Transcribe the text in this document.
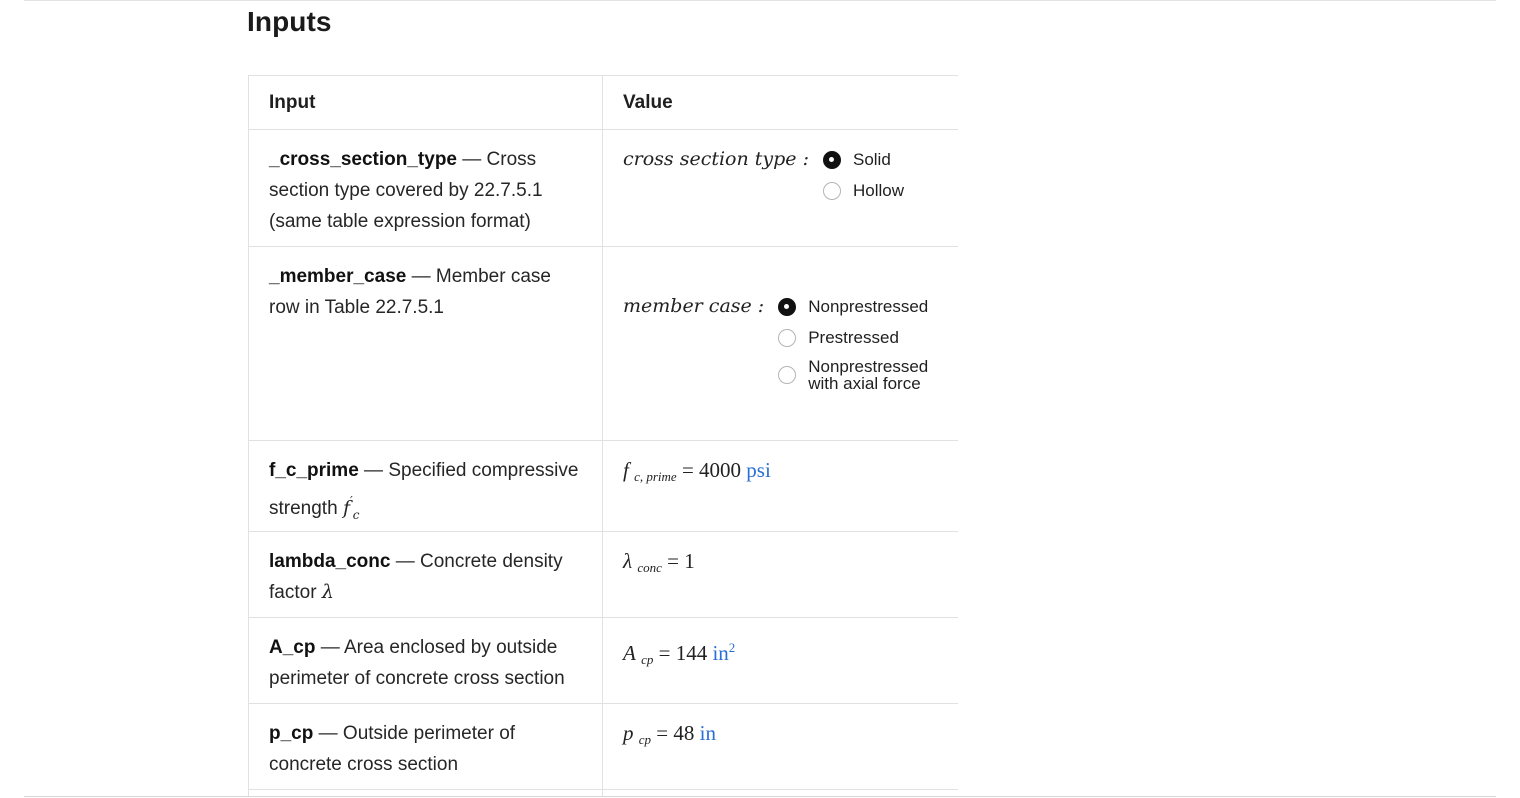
Inputs
Input	Value
_cross_section_type — Cross section type covered by 22.7.5.1 (same table expression format)	cross section type : Solid
Hollow

_member_case — Member case row in Table 22.7.5.1	member case : Nonprestressed
Prestressed
Nonprestressed with axial force

f_c_prime — Specified compressive strength $f'_c$	f $_{c, prime}$ = 4000 psi
lambda_conc — Concrete density factor λ	λ $_{conc}$ = 1
A_cp — Area enclosed by outside perimeter of concrete cross section	A $_{cp}$ = 144 $in^2$
p_cp — Outside perimeter of concrete cross section	p $_{cp}$ = 48 in
